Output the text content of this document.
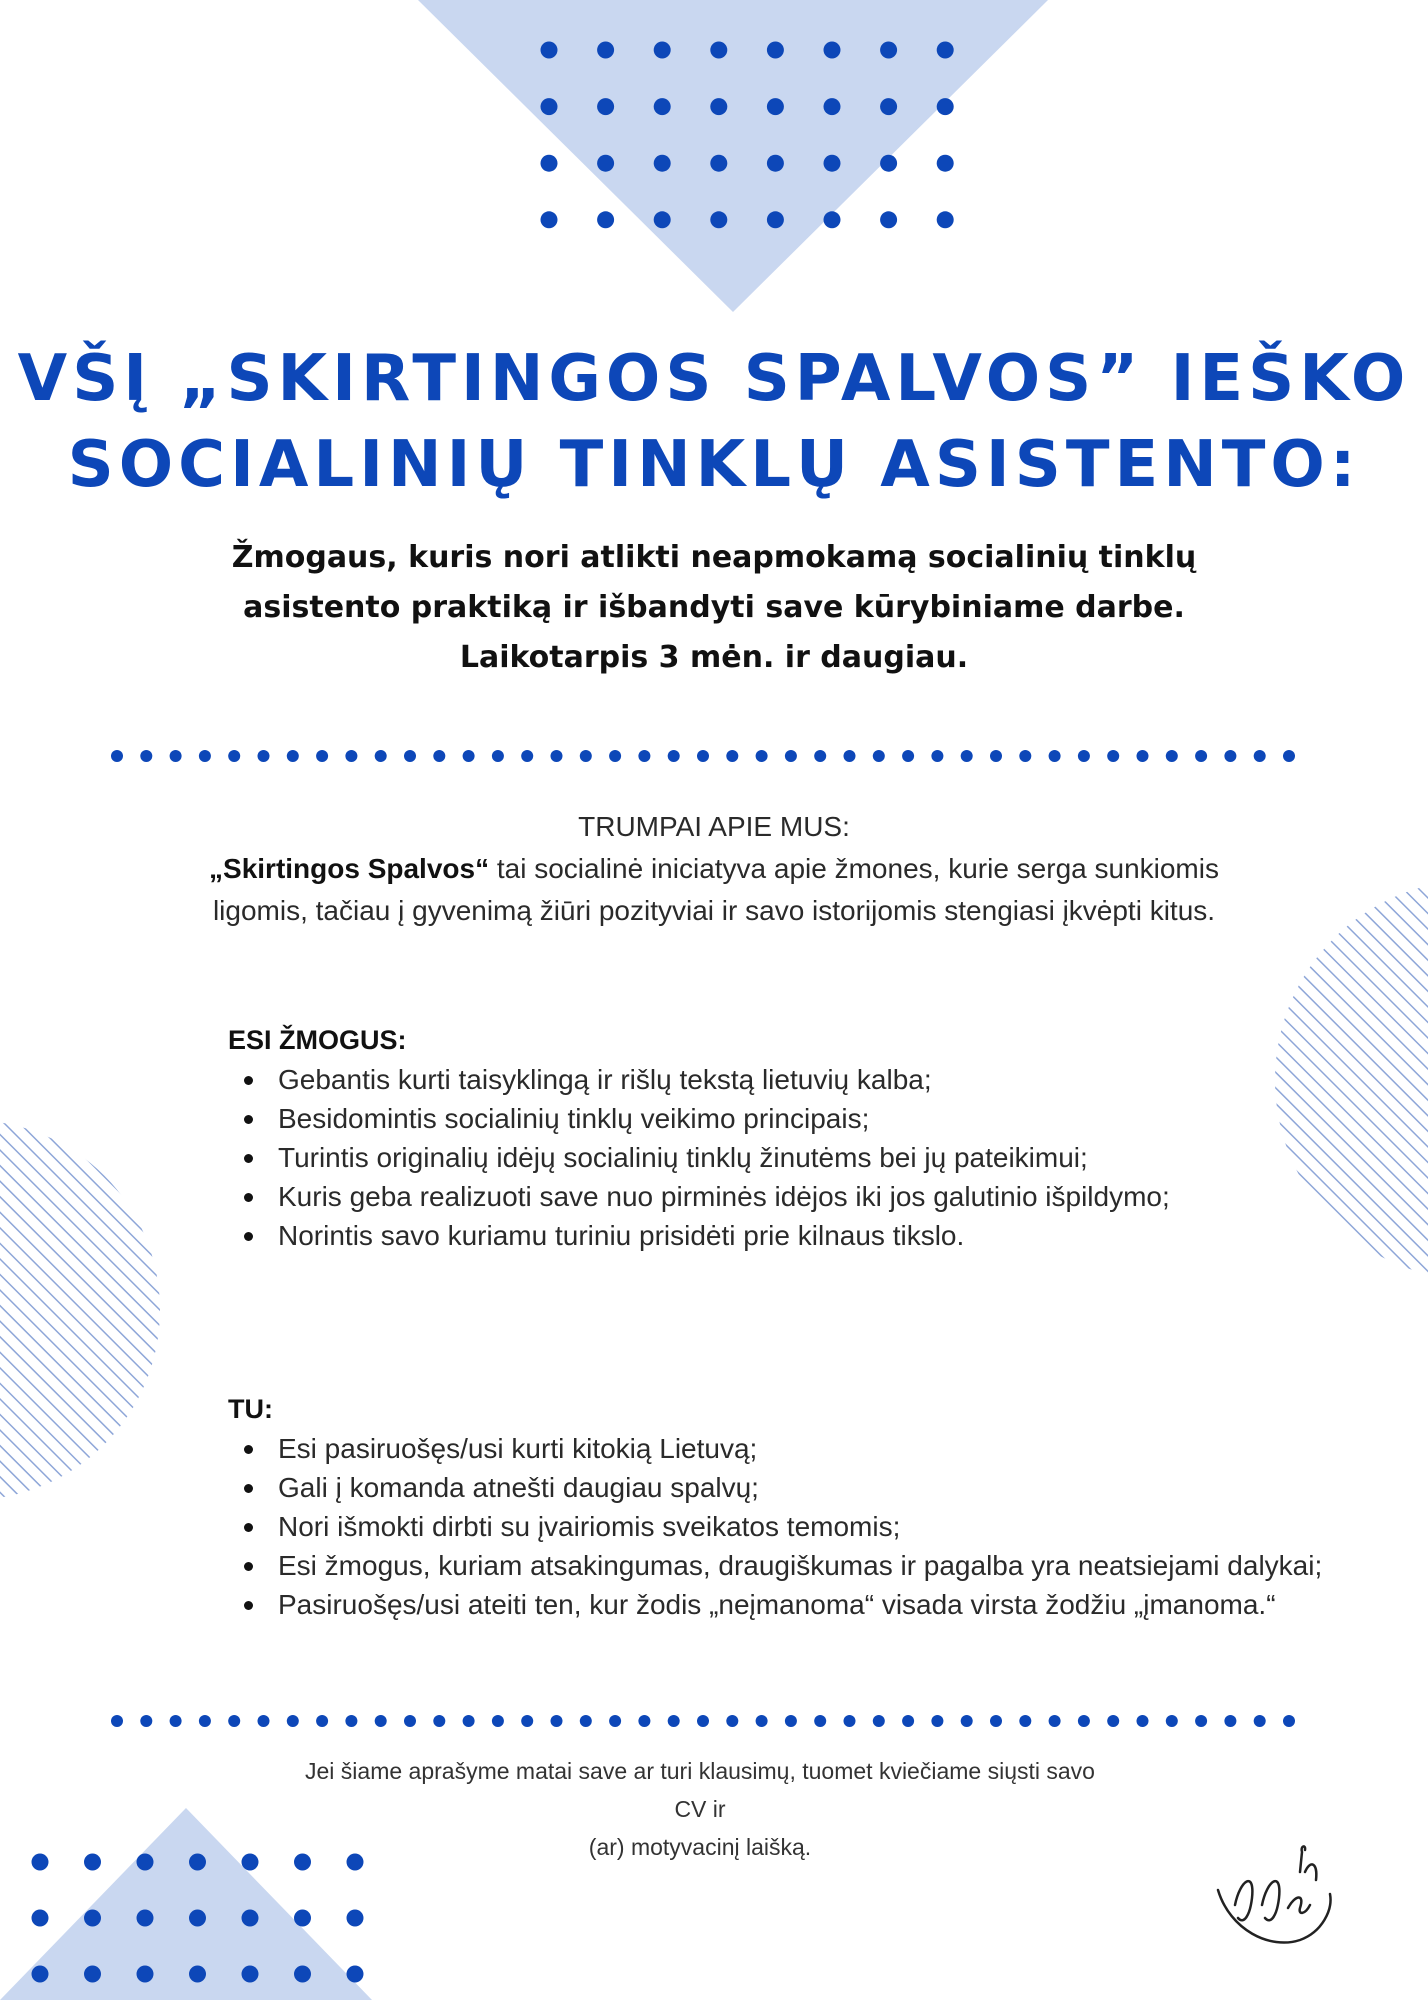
VŠĮ „SKIRTINGOS SPALVOS” IEŠKO
SOCIALINIŲ TINKLŲ ASISTENTO:

Žmogaus, kuris nori atlikti neapmokamą socialinių tinklų
asistento praktiką ir išbandyti save kūrybiniame darbe.
Laikotarpis 3 mėn. ir daugiau.

TRUMPAI APIE MUS:
„Skirtingos Spalvos“ tai socialinė iniciatyva apie žmones, kurie serga sunkiomis
ligomis, tačiau į gyvenimą žiūri pozityviai ir savo istorijomis stengiasi įkvėpti kitus.
ESI ŽMOGUS:
Gebantis kurti taisyklingą ir rišlų tekstą lietuvių kalba;
Besidomintis socialinių tinklų veikimo principais;
Turintis originalių idėjų socialinių tinklų žinutėms bei jų pateikimui;
Kuris geba realizuoti save nuo pirminės idėjos iki jos galutinio išpildymo;
Norintis savo kuriamu turiniu prisidėti prie kilnaus tikslo.
TU:
Esi pasiruošęs/usi kurti kitokią Lietuvą;
Gali į komanda atnešti daugiau spalvų;
Nori išmokti dirbti su įvairiomis sveikatos temomis;
Esi žmogus, kuriam atsakingumas, draugiškumas ir pagalba yra neatsiejami dalykai;
Pasiruošęs/usi ateiti ten, kur žodis „neįmanoma“ visada virsta žodžiu „įmanoma.“
Jei šiame aprašyme matai save ar turi klausimų, tuomet kviečiame siųsti savo CV ir
(ar) motyvacinį laišką.
